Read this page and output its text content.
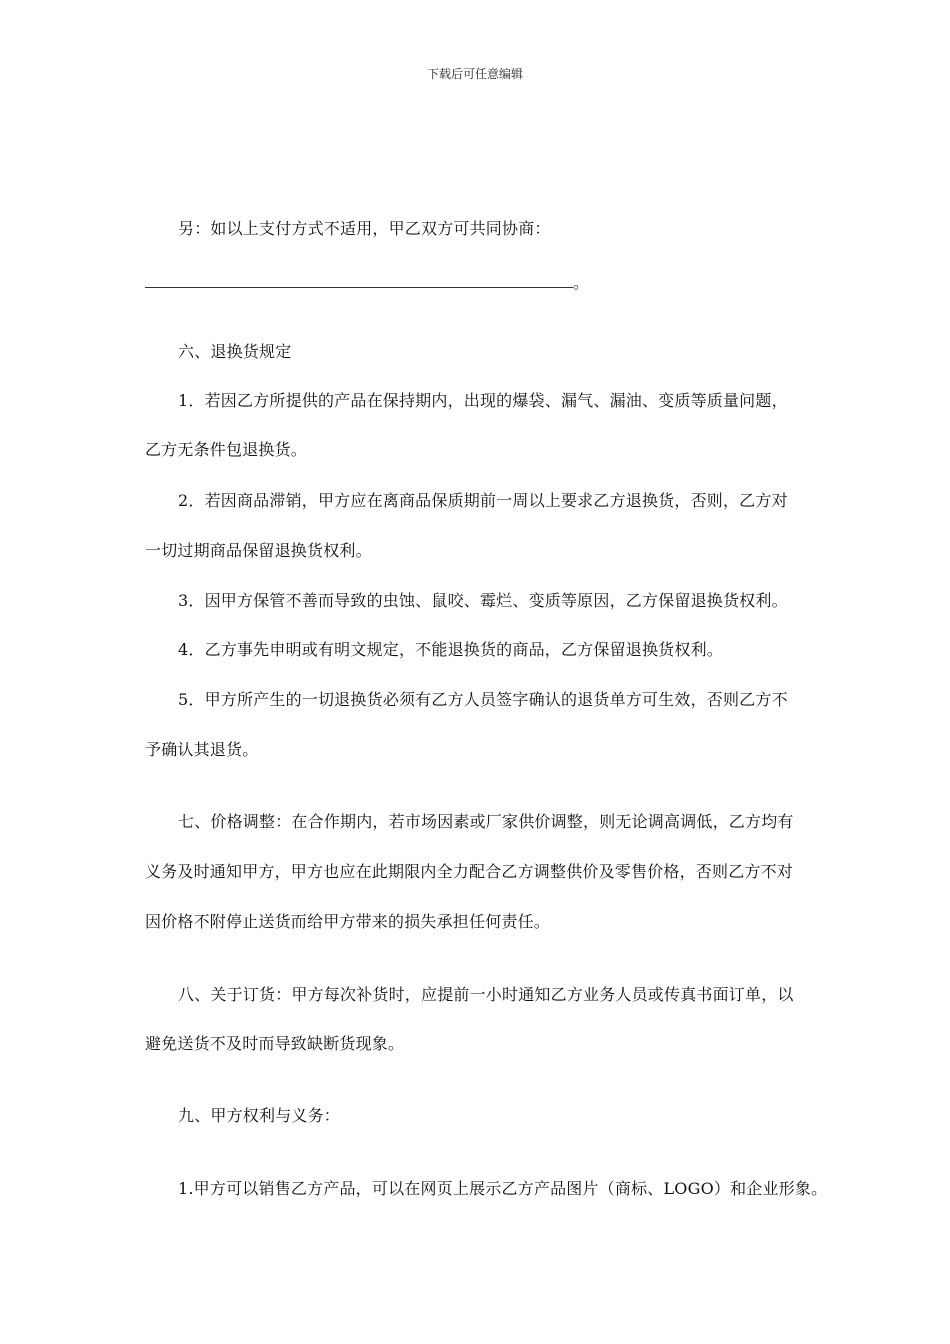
下载后可任意编辑
另：如以上支付方式不适用，甲乙双方可共同协商：
。
六、退换货规定
1．若因乙方所提供的产品在保持期内，出现的爆袋、漏气、漏油、变质等质量问题，
乙方无条件包退换货。
2．若因商品滞销，甲方应在离商品保质期前一周以上要求乙方退换货，否则，乙方对
一切过期商品保留退换货权利。
3．因甲方保管不善而导致的虫蚀、鼠咬、霉烂、变质等原因，乙方保留退换货权利。
4．乙方事先申明或有明文规定，不能退换货的商品，乙方保留退换货权利。
5．甲方所产生的一切退换货必须有乙方人员签字确认的退货单方可生效，否则乙方不
予确认其退货。
七、价格调整：在合作期内，若市场因素或厂家供价调整，则无论调高调低，乙方均有
义务及时通知甲方，甲方也应在此期限内全力配合乙方调整供价及零售价格，否则乙方不对
因价格不附停止送货而给甲方带来的损失承担任何责任。
八、关于订货：甲方每次补货时，应提前一小时通知乙方业务人员或传真书面订单，以
避免送货不及时而导致缺断货现象。
九、甲方权利与义务：
1.甲方可以销售乙方产品，可以在网页上展示乙方产品图片（商标、LOGO）和企业形象。
